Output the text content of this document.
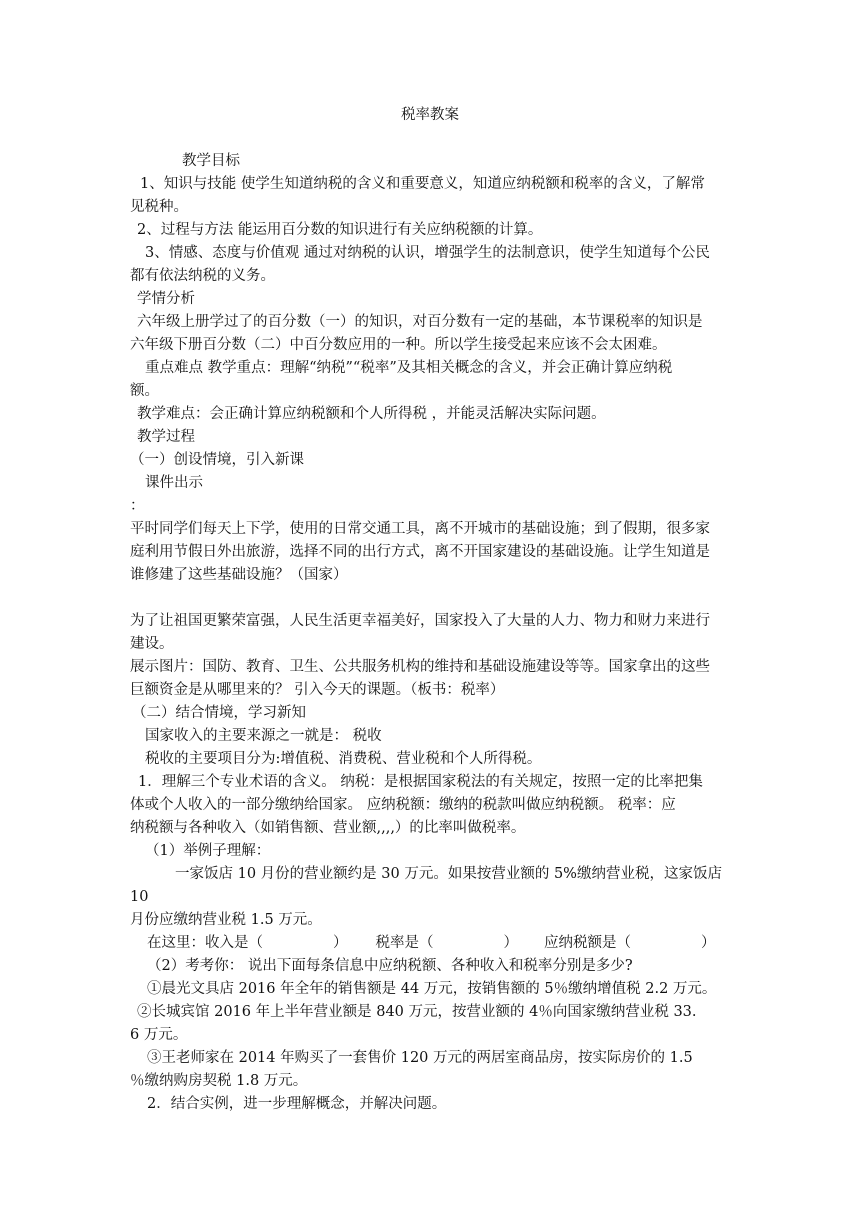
税率教案
教学目标
1、知识与技能 使学生知道纳税的含义和重要意义，知道应纳税额和税率的含义，了解常
见税种。
2、过程与方法 能运用百分数的知识进行有关应纳税额的计算。
3、情感、态度与价值观 通过对纳税的认识，增强学生的法制意识，使学生知道每个公民
都有依法纳税的义务。
学情分析
六年级上册学过了的百分数（一）的知识，对百分数有一定的基础，本节课税率的知识是
六年级下册百分数（二）中百分数应用的一种。所以学生接受起来应该不会太困难。
重点难点 教学重点：理解“纳税”“税率”及其相关概念的含义，并会正确计算应纳税
额。
教学难点：会正确计算应纳税额和个人所得税 ，并能灵活解决实际问题。
教学过程
（一）创设情境，引入新课
课件出示
：
平时同学们每天上下学，使用的日常交通工具，离不开城市的基础设施；到了假期，很多家
庭利用节假日外出旅游，选择不同的出行方式，离不开国家建设的基础设施。让学生知道是
谁修建了这些基础设施？（国家）
为了让祖国更繁荣富强，人民生活更幸福美好，国家投入了大量的人力、物力和财力来进行
建设。
展示图片：国防、教育、卫生、公共服务机构的维持和基础设施建设等等。国家拿出的这些
巨额资金是从哪里来的？ 引入今天的课题。（板书：税率）
（二）结合情境，学习新知
国家收入的主要来源之一就是： 税收
税收的主要项目分为:增值税、消费税、营业税和个人所得税。
1．理解三个专业术语的含义。 纳税：是根据国家税法的有关规定，按照一定的比率把集
体或个人收入的一部分缴纳给国家。 应纳税额：缴纳的税款叫做应纳税额。 税率：应
纳税额与各种收入（如销售额、营业额,,,,）的比率叫做税率。
（1）举例子理解：
一家饭店 10 月份的营业额约是 30 万元。如果按营业额的 5%缴纳营业税，这家饭店
10
月份应缴纳营业税 1.5 万元。
在这里：收入是（	） 税率是（	） 应纳税额是（	）
（2）考考你： 说出下面每条信息中应纳税额、各种收入和税率分别是多少?
①晨光文具店 2016 年全年的销售额是 44 万元，按销售额的 5％缴纳增值税 2.2 万元。
②长城宾馆 2016 年上半年营业额是 840 万元，按营业额的 4％向国家缴纳营业税 33.
6 万元。
③王老师家在 2014 年购买了一套售价 120 万元的两居室商品房，按实际房价的 1.5
％缴纳购房契税 1.8 万元。
2．结合实例，进一步理解概念，并解决问题。
